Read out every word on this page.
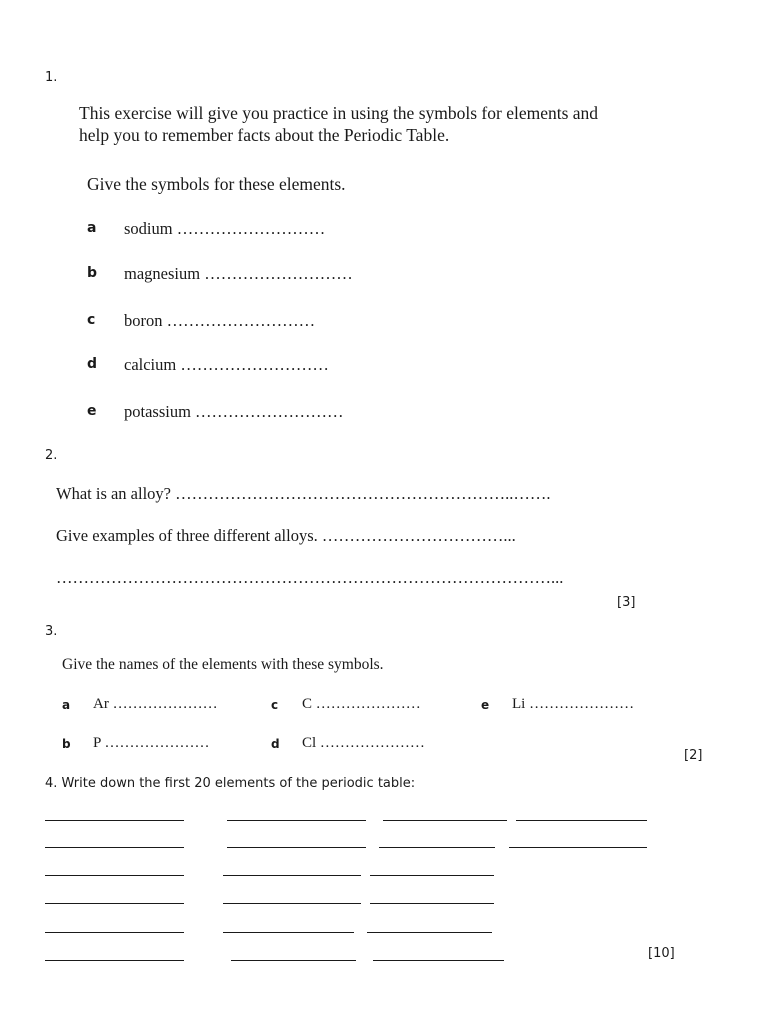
1.
This exercise will give you practice in using the symbols for elements and
help you to remember facts about the Periodic Table.
Give the symbols for these elements.
a sodium ………………………
b magnesium ………………………
c boron ………………………
d calcium ………………………
e potassium ………………………
2.
What is an alloy? ……………………………………………………..…….
Give examples of three different alloys. ……………………………...
………………………………………………………………………………...
[3]
3.
Give the names of the elements with these symbols.
a Ar …………………
b P …………………
c C …………………
d Cl …………………
e Li …………………
[2]
4. Write down the first 20 elements of the periodic table:
[10]
